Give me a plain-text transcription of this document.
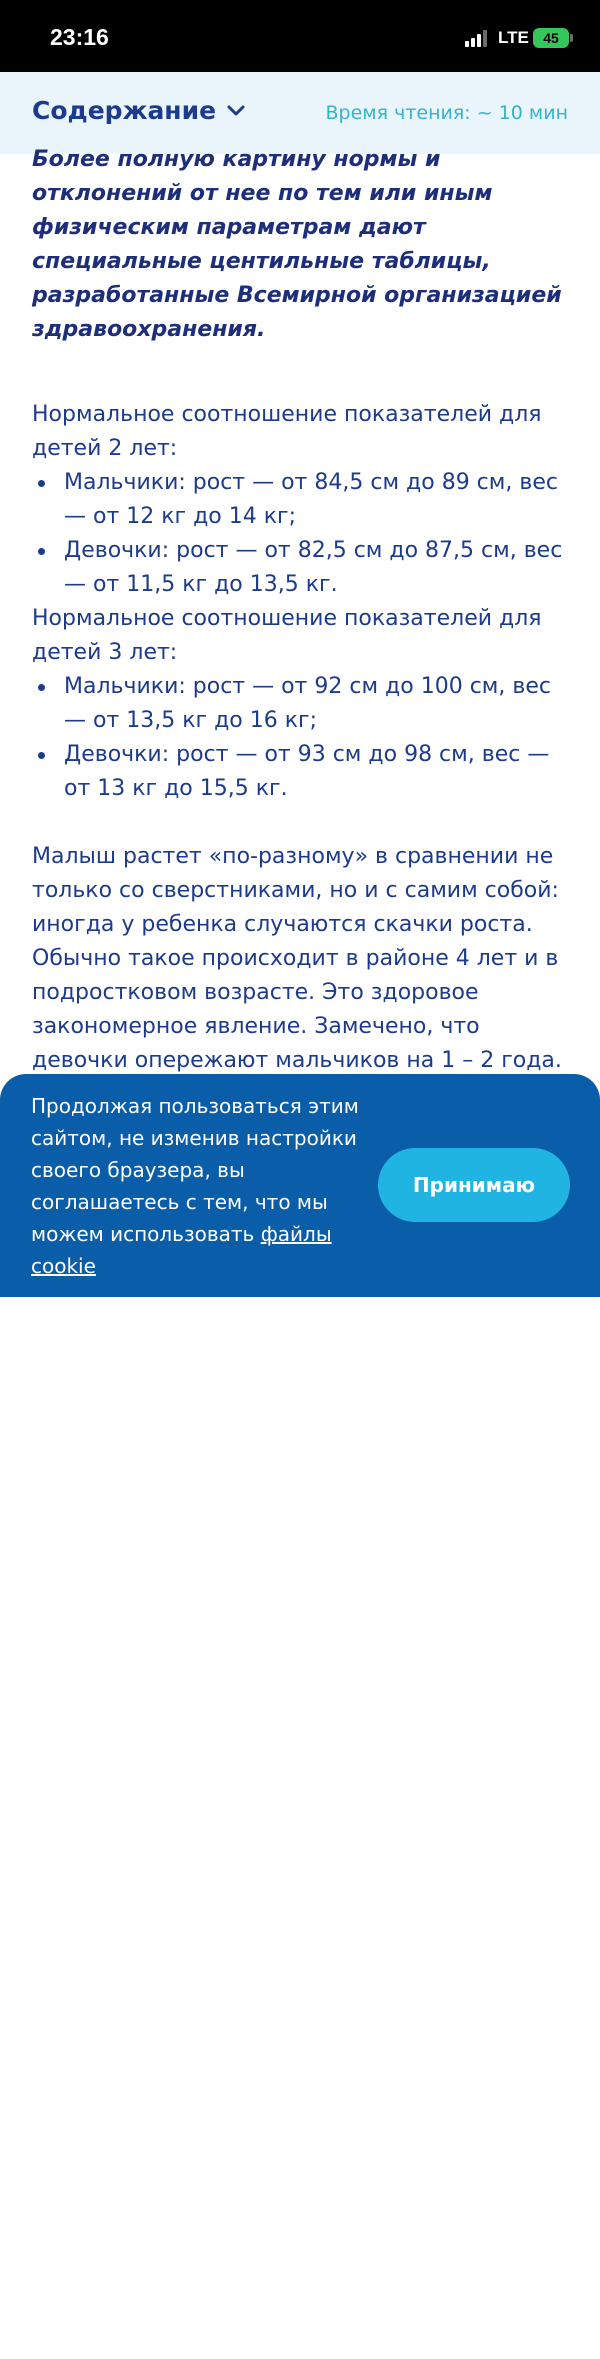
23:16	LTE	45
Содержание	Время чтения: ~ 10 мин

Более полную картину нормы и отклонений от нее по тем или иным физическим параметрам дают специальные центильные таблицы, разработанные Всемирной организацией здравоохранения.

Нормальное соотношение показателей для детей 2 лет:

Мальчики: рост — от 84,5 см до 89 см, вес — от 12 кг до 14 кг;
Девочки: рост — от 82,5 см до 87,5 см, вес — от 11,5 кг до 13,5 кг.

Нормальное соотношение показателей для детей 3 лет:

Мальчики: рост — от 92 см до 100 см, вес — от 13,5 кг до 16 кг;
Девочки: рост — от 93 см до 98 см, вес — от 13 кг до 15,5 кг.

Малыш растет «по-разному» в сравнении не только со сверстниками, но и с самим собой: иногда у ребенка случаются скачки роста. Обычно такое происходит в районе 4 лет и в подростковом возрасте. Это здоровое закономерное явление. Замечено, что девочки опережают мальчиков на 1 – 2 года.

Продолжая пользоваться этим сайтом, не изменив настройки своего браузера, вы соглашаетесь с тем, что мы можем использовать файлы cookie
Принимаю
